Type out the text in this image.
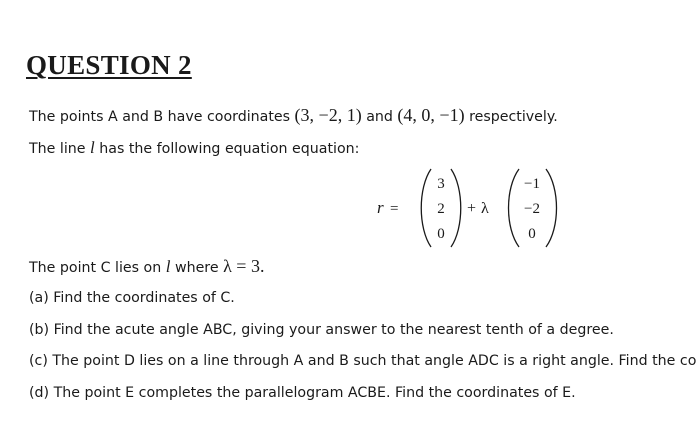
QUESTION 2
The points A and B have coordinates (3, −2, 1) and (4, 0, −1) respectively.
The line l has the following equation equation:
r =
3
2
0
+ λ
−1
−2
0
The point C lies on l where λ = 3.
(a) Find the coordinates of C.
(b) Find the acute angle ABC, giving your answer to the nearest tenth of a degree.
(c) The point D lies on a line through A and B such that angle ADC is a right angle. Find the co
(d) The point E completes the parallelogram ACBE. Find the coordinates of E.
